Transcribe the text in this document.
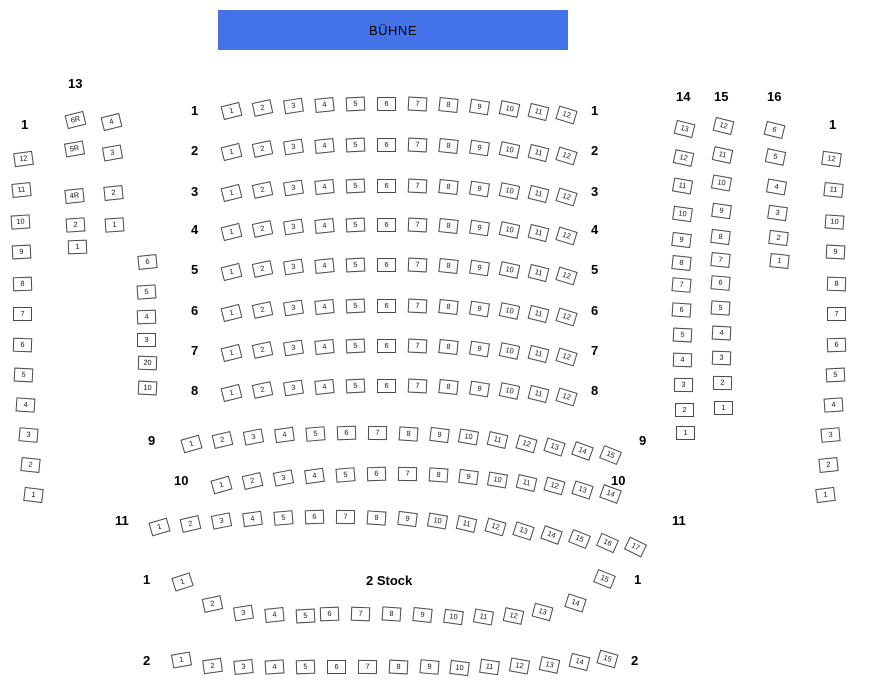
BÜHNE
13
1
1	1
2	2
3	3
4	4
5	5
6	6
7	7
8	8
9	9
10	10
11	11
14 15	16
1
1	1
2	2
2 Stock
6R	4
5R	3
4R	2
2	1
1
12
11
10
9
8
7
6
5
4
3
2
1
6
5
4
3
20
10
1	2	3	4	5	6	7	8	9	10	11	12
1	2	3	4	5	6	7	8	9	10	11	12
1	2	3	4	5	6	7	8	9	10	11	12
1	2	3	4	5	6	7	8	9	10	11	12
1	2	3	4	5	6	7	8	9	10	11	12
1	2	3	4	5	6	7	8	9	10	11	12
1	2	3	4	5	6	7	8	9	10	11	12
1	2	3	4	5	6	7	8	9	10	11	12
1	2	3	4	5	6	7	8	9	10	11	12	13	14	15
1	2	3	4	5	6	7	8	9	10	11	12	13	14
1	2	3	4	5	6	7	8	9	10	11	12	13	14	15	16	17
13	12	6
12	11	5
11	10	4
10	9	3
9	8	2
8	7	1
7	6
6	5
5	4
4	3
3	2
2	1
1
12
11
10
9
8
7
6
5
4
3
2
1
1
2
3	4	5	6	7	8	9	10	11	12	13
14
15
1
2	3	4	5	6	7	8	9	10	11	12	13	14	15
